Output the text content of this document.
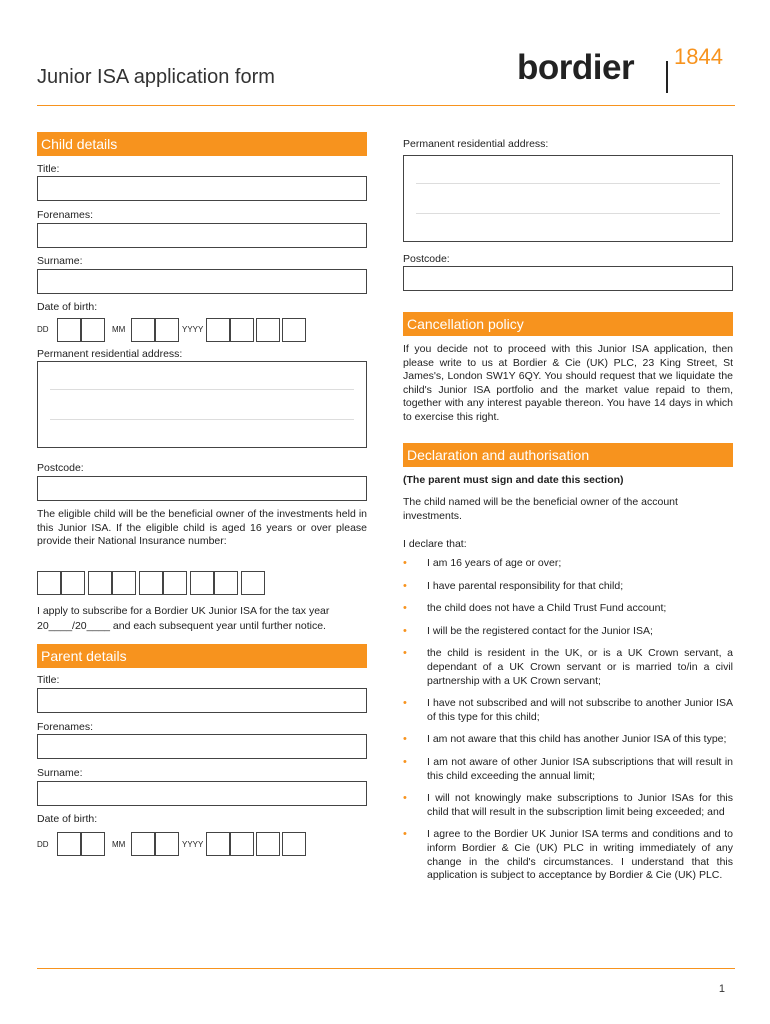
Junior ISA application form	bordier 1844
Child details
Title:
Forenames:
Surname:
Date of birth:
DD	MM	YYYY
Permanent residential address:
Postcode:
The eligible child will be the beneficial owner of the investments held in this Junior ISA. If the eligible child is aged 16 years or over please provide their National Insurance number:
I apply to subscribe for a Bordier UK Junior ISA for the tax year
20____/20____ and each subsequent year until further notice.
Parent details
Title:
Forenames:
Surname:
Date of birth:
DD	MM	YYYY
Permanent residential address:
Postcode:
Cancellation policy
If you decide not to proceed with this Junior ISA application, then please write to us at Bordier & Cie (UK) PLC, 23 King Street, St James's, London SW1Y 6QY. You should request that we liquidate the child's Junior ISA portfolio and the market value repaid to them, together with any interest payable thereon. You have 14 days in which to exercise this right.
Declaration and authorisation
(The parent must sign and date this section)
The child named will be the beneficial owner of the account investments.
I declare that:
• I am 16 years of age or over;
• I have parental responsibility for that child;
• the child does not have a Child Trust Fund account;
• I will be the registered contact for the Junior ISA;
• the child is resident in the UK, or is a UK Crown servant, a dependant of a UK Crown servant or is married to/in a civil partnership with a UK Crown servant;
• I have not subscribed and will not subscribe to another Junior ISA of this type for this child;
• I am not aware that this child has another Junior ISA of this type;
• I am not aware of other Junior ISA subscriptions that will result in this child exceeding the annual limit;
• I will not knowingly make subscriptions to Junior ISAs for this child that will result in the subscription limit being exceeded; and
• I agree to the Bordier UK Junior ISA terms and conditions and to inform Bordier & Cie (UK) PLC in writing immediately of any change in the child's circumstances. I understand that this application is subject to acceptance by Bordier & Cie (UK) PLC.
1
